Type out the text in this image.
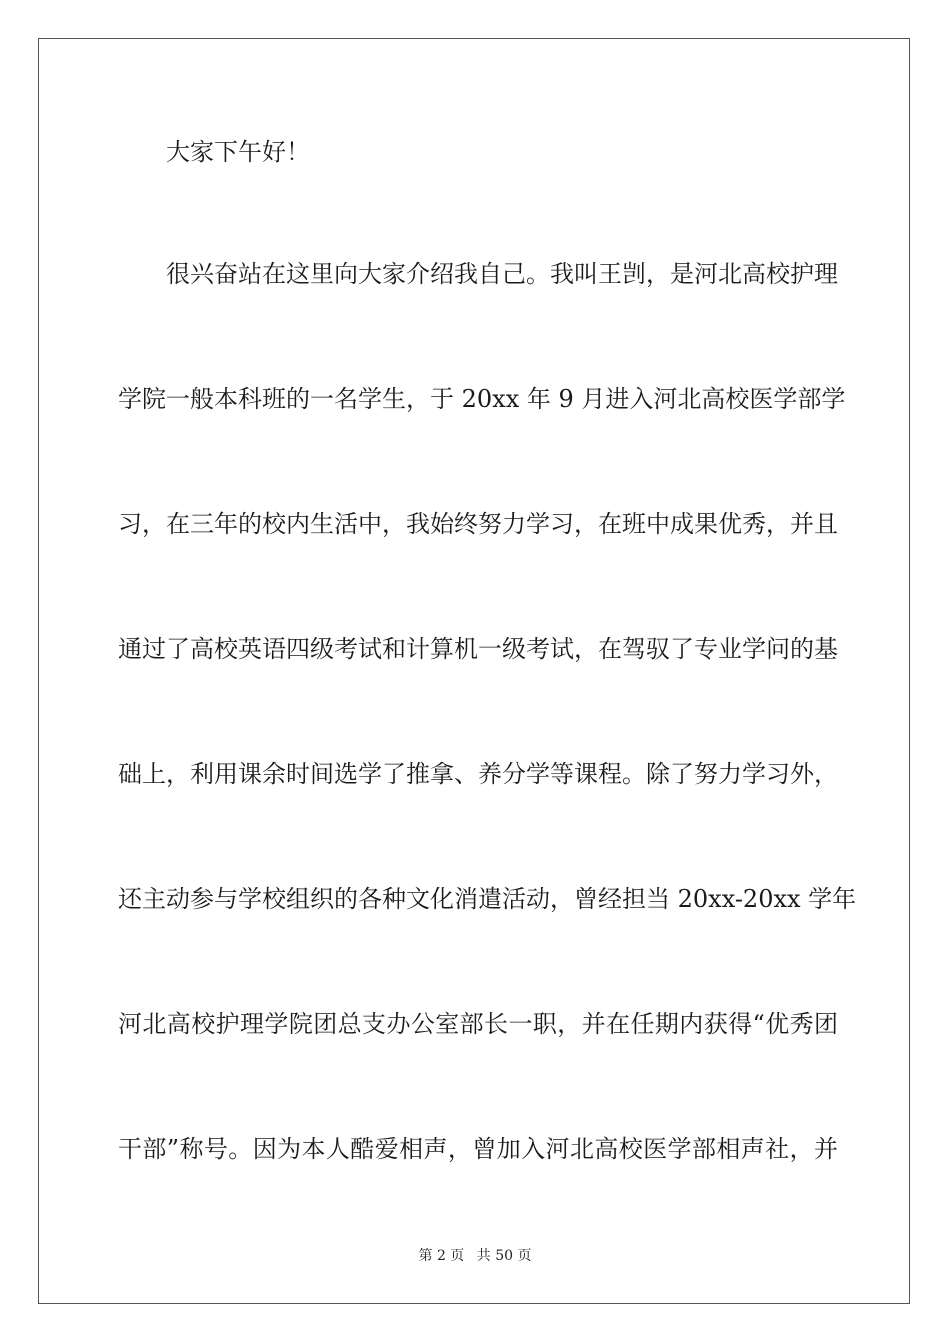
大家下午好！
很兴奋站在这里向大家介绍我自己。我叫王剀，是河北高校护理
学院一般本科班的一名学生，于 20xx 年 9 月进入河北高校医学部学
习，在三年的校内生活中，我始终努力学习，在班中成果优秀，并且
通过了高校英语四级考试和计算机一级考试，在驾驭了专业学问的基
础上，利用课余时间选学了推拿、养分学等课程。除了努力学习外，
还主动参与学校组织的各种文化消遣活动，曾经担当 20xx-20xx 学年
河北高校护理学院团总支办公室部长一职，并在任期内获得“优秀团
干部”称号。因为本人酷爱相声，曾加入河北高校医学部相声社，并
第 2 页 共 50 页
